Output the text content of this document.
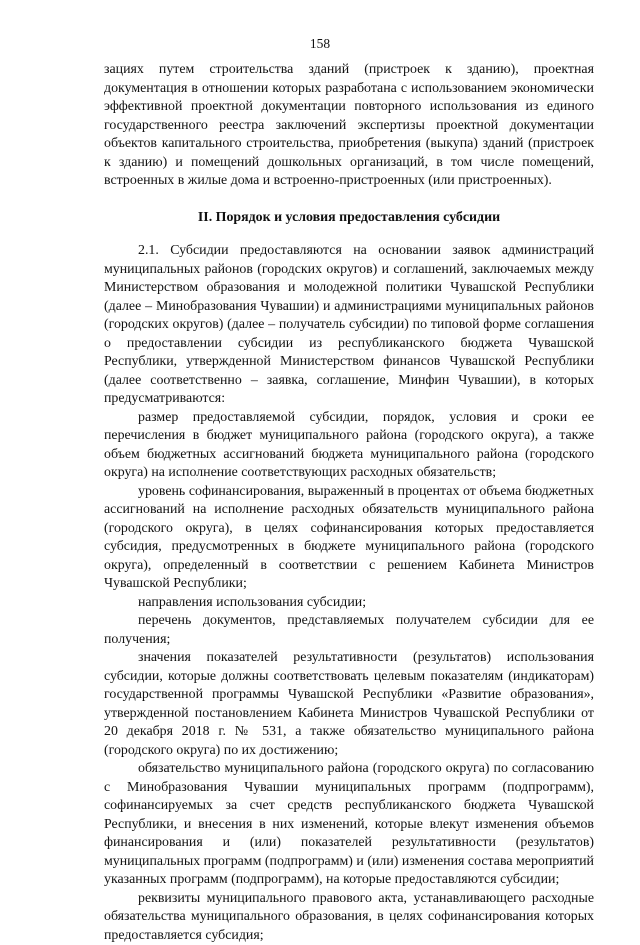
158

зациях путем строительства зданий (пристроек к зданию), проектная документация в отношении которых разработана с использованием экономически эффективной проектной документации повторного использования из единого государственного реестра заключений экспертизы проектной документации объектов капитального строительства, приобретения (выкупа) зданий (пристроек к зданию) и помещений дошкольных организаций, в том числе помещений, встроенных в жилые дома и встроенно-пристроенных (или пристроенных).

II. Порядок и условия предоставления субсидии

2.1. Субсидии предоставляются на основании заявок администраций муниципальных районов (городских округов) и соглашений, заключаемых между Министерством образования и молодежной политики Чувашской Республики (далее – Минобразования Чувашии) и администрациями муниципальных районов (городских округов) (далее – получатель субсидии) по типовой форме соглашения о предоставлении субсидии из республиканского бюджета Чувашской Республики, утвержденной Министерством финансов Чувашской Республики (далее соответственно – заявка, соглашение, Минфин Чувашии), в которых предусматриваются:

размер предоставляемой субсидии, порядок, условия и сроки ее перечисления в бюджет муниципального района (городского округа), а также объем бюджетных ассигнований бюджета муниципального района (городского округа) на исполнение соответствующих расходных обязательств;

уровень софинансирования, выраженный в процентах от объема бюджетных ассигнований на исполнение расходных обязательств муниципального района (городского округа), в целях софинансирования которых предоставляется субсидия, предусмотренных в бюджете муниципального района (городского округа), определенный в соответствии с решением Кабинета Министров Чувашской Республики;

направления использования субсидии;

перечень документов, представляемых получателем субсидии для ее получения;

значения показателей результативности (результатов) использования субсидии, которые должны соответствовать целевым показателям (индикаторам) государственной программы Чувашской Республики «Развитие образования», утвержденной постановлением Кабинета Министров Чувашской Республики от 20 декабря 2018 г. № 531, а также обязательство муниципального района (городского округа) по их достижению;

обязательство муниципального района (городского округа) по согласованию с Минобразования Чувашии муниципальных программ (подпрограмм), софинансируемых за счет средств республиканского бюджета Чувашской Республики, и внесения в них изменений, которые влекут изменения объемов финансирования и (или) показателей результативности (результатов) муниципальных программ (подпрограмм) и (или) изменения состава мероприятий указанных программ (подпрограмм), на которые предоставляются субсидии;

реквизиты муниципального правового акта, устанавливающего расходные обязательства муниципального образования, в целях софинансирования которых предоставляется субсидия;
